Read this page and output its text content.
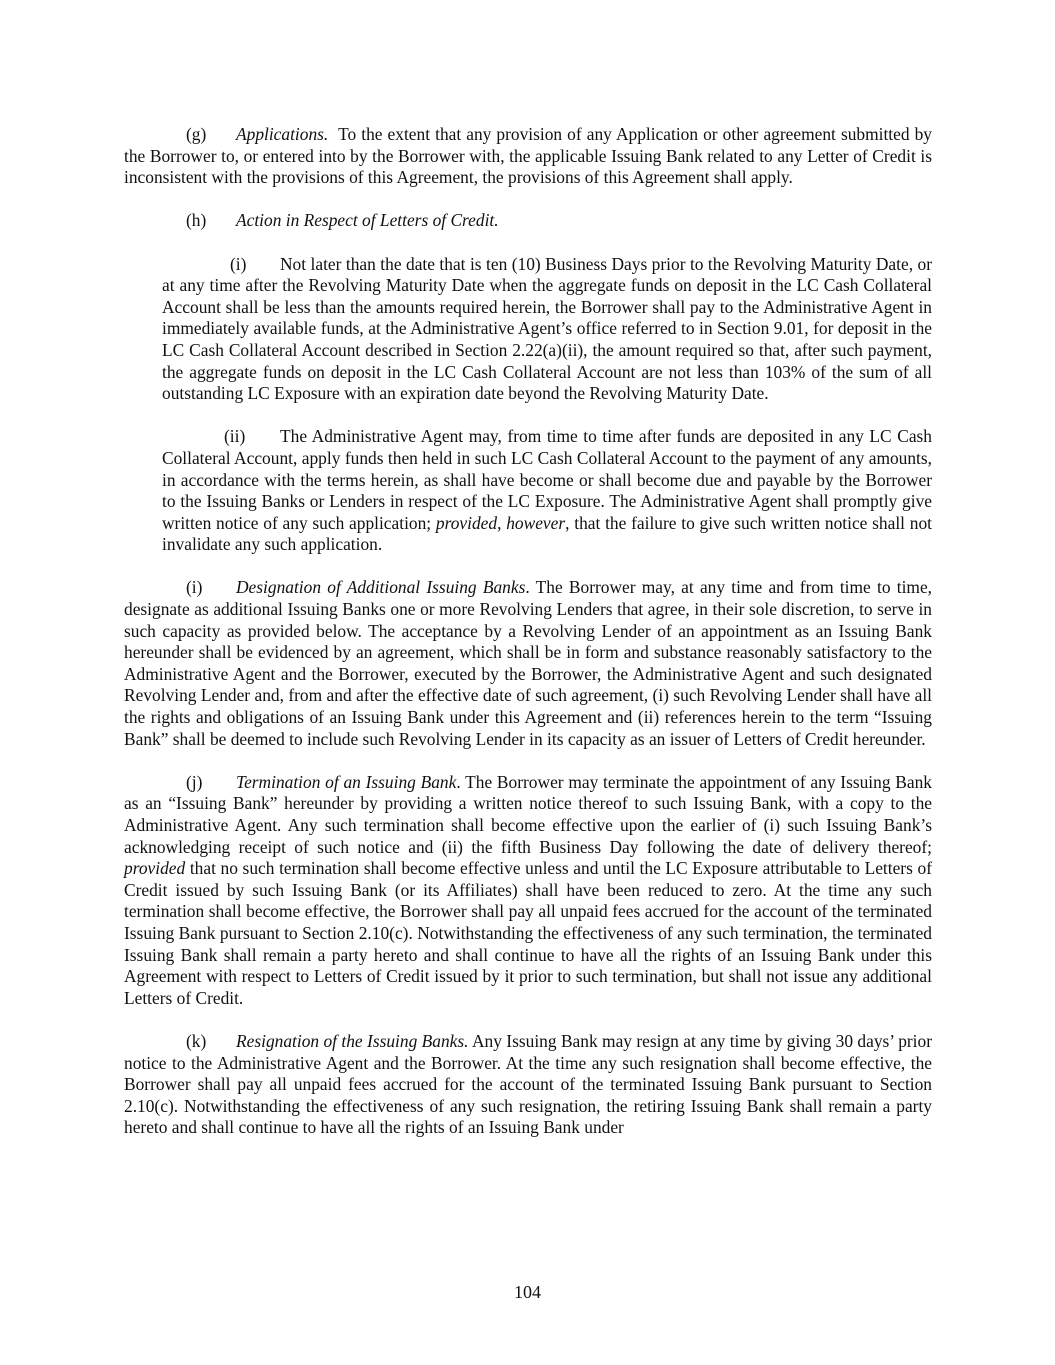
(g) Applications. To the extent that any provision of any Application or other agreement submitted by the Borrower to, or entered into by the Borrower with, the applicable Issuing Bank related to any Letter of Credit is inconsistent with the provisions of this Agreement, the provisions of this Agreement shall apply.

(h) Action in Respect of Letters of Credit.

(i) Not later than the date that is ten (10) Business Days prior to the Revolving Maturity Date, or at any time after the Revolving Maturity Date when the aggregate funds on deposit in the LC Cash Collateral Account shall be less than the amounts required herein, the Borrower shall pay to the Administrative Agent in immediately available funds, at the Administrative Agent’s office referred to in Section 9.01, for deposit in the LC Cash Collateral Account described in Section 2.22(a)(ii), the amount required so that, after such payment, the aggregate funds on deposit in the LC Cash Collateral Account are not less than 103% of the sum of all outstanding LC Exposure with an expiration date beyond the Revolving Maturity Date.

(ii) The Administrative Agent may, from time to time after funds are deposited in any LC Cash Collateral Account, apply funds then held in such LC Cash Collateral Account to the payment of any amounts, in accordance with the terms herein, as shall have become or shall become due and payable by the Borrower to the Issuing Banks or Lenders in respect of the LC Exposure. The Administrative Agent shall promptly give written notice of any such application; provided, however, that the failure to give such written notice shall not invalidate any such application.

(i) Designation of Additional Issuing Banks. The Borrower may, at any time and from time to time, designate as additional Issuing Banks one or more Revolving Lenders that agree, in their sole discretion, to serve in such capacity as provided below. The acceptance by a Revolving Lender of an appointment as an Issuing Bank hereunder shall be evidenced by an agreement, which shall be in form and substance reasonably satisfactory to the Administrative Agent and the Borrower, executed by the Borrower, the Administrative Agent and such designated Revolving Lender and, from and after the effective date of such agreement, (i) such Revolving Lender shall have all the rights and obligations of an Issuing Bank under this Agreement and (ii) references herein to the term “Issuing Bank” shall be deemed to include such Revolving Lender in its capacity as an issuer of Letters of Credit hereunder.

(j) Termination of an Issuing Bank. The Borrower may terminate the appointment of any Issuing Bank as an “Issuing Bank” hereunder by providing a written notice thereof to such Issuing Bank, with a copy to the Administrative Agent. Any such termination shall become effective upon the earlier of (i) such Issuing Bank’s acknowledging receipt of such notice and (ii) the fifth Business Day following the date of delivery thereof; provided that no such termination shall become effective unless and until the LC Exposure attributable to Letters of Credit issued by such Issuing Bank (or its Affiliates) shall have been reduced to zero. At the time any such termination shall become effective, the Borrower shall pay all unpaid fees accrued for the account of the terminated Issuing Bank pursuant to Section 2.10(c). Notwithstanding the effectiveness of any such termination, the terminated Issuing Bank shall remain a party hereto and shall continue to have all the rights of an Issuing Bank under this Agreement with respect to Letters of Credit issued by it prior to such termination, but shall not issue any additional Letters of Credit.

(k) Resignation of the Issuing Banks. Any Issuing Bank may resign at any time by giving 30 days’ prior notice to the Administrative Agent and the Borrower. At the time any such resignation shall become effective, the Borrower shall pay all unpaid fees accrued for the account of the terminated Issuing Bank pursuant to Section 2.10(c). Notwithstanding the effectiveness of any such resignation, the retiring Issuing Bank shall remain a party hereto and shall continue to have all the rights of an Issuing Bank under

104
